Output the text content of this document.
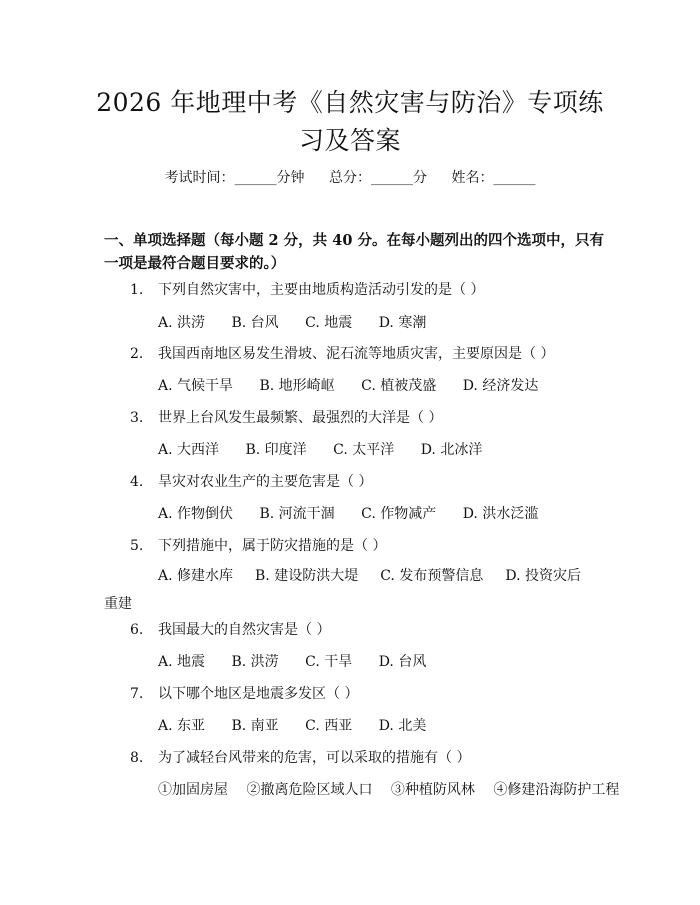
2026 年地理中考《自然灾害与防治》专项练
习及答案
考试时间：______分钟 总分：______分 姓名：______
一、单项选择题（每小题 2 分，共 40 分。在每小题列出的四个选项中，只有一项是最符合题目要求的。）
1. 下列自然灾害中，主要由地质构造活动引发的是（ ）
A. 洪涝 B. 台风 C. 地震 D. 寒潮
2. 我国西南地区易发生滑坡、泥石流等地质灾害，主要原因是（ ）
A. 气候干旱 B. 地形崎岖 C. 植被茂盛 D. 经济发达
3. 世界上台风发生最频繁、最强烈的大洋是（ ）
A. 大西洋 B. 印度洋 C. 太平洋 D. 北冰洋
4. 旱灾对农业生产的主要危害是（ ）
A. 作物倒伏 B. 河流干涸 C. 作物减产 D. 洪水泛滥
5. 下列措施中，属于防灾措施的是（ ）
A. 修建水库 B. 建设防洪大堤 C. 发布预警信息 D. 投资灾后
重建
6. 我国最大的自然灾害是（ ）
A. 地震 B. 洪涝 C. 干旱 D. 台风
7. 以下哪个地区是地震多发区（ ）
A. 东亚 B. 南亚 C. 西亚 D. 北美
8. 为了减轻台风带来的危害，可以采取的措施有（ ）
①加固房屋 ②撤离危险区域人口 ③种植防风林 ④修建沿海防护工程
